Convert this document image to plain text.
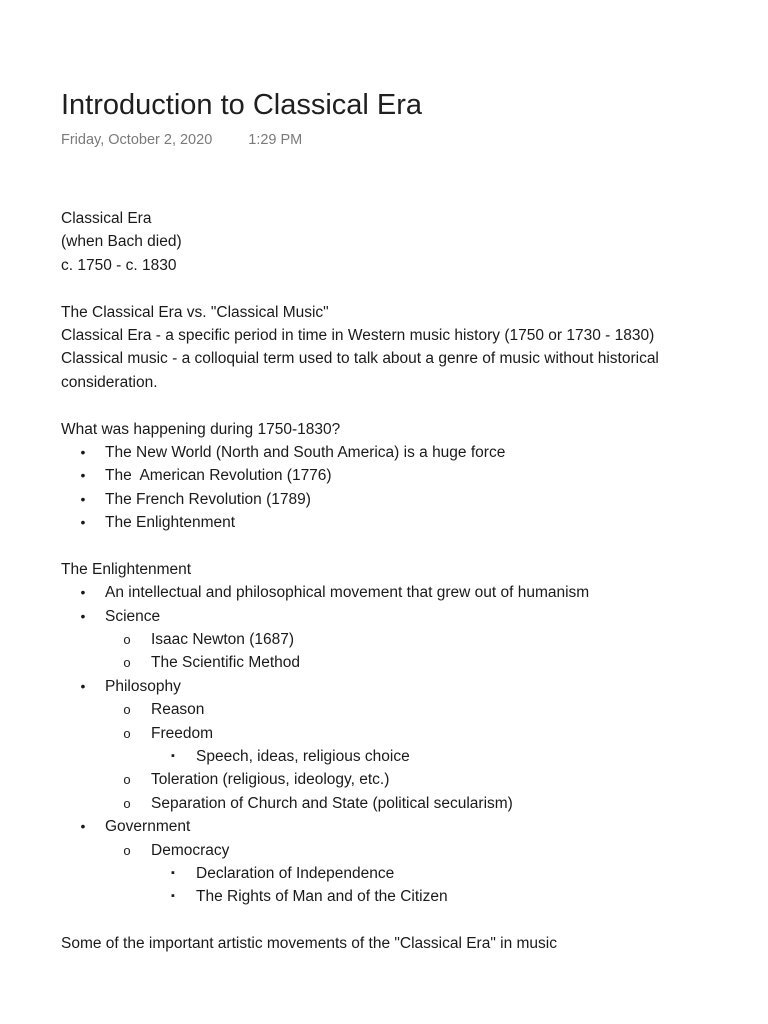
Introduction to Classical Era
Friday, October 2, 2020 1:29 PM
Classical Era
(when Bach died)
c. 1750 - c. 1830
The Classical Era vs. "Classical Music"
Classical Era - a specific period in time in Western music history (1750 or 1730 - 1830)
Classical music - a colloquial term used to talk about a genre of music without historical consideration.
What was happening during 1750-1830?
• The New World (North and South America) is a huge force
• The  American Revolution (1776)
• The French Revolution (1789)
• The Enlightenment
The Enlightenment
• An intellectual and philosophical movement that grew out of humanism
• Science
o Isaac Newton (1687)
o The Scientific Method
• Philosophy
o Reason
o Freedom
▪ Speech, ideas, religious choice
o Toleration (religious, ideology, etc.)
o Separation of Church and State (political secularism)
• Government
o Democracy
▪ Declaration of Independence
▪ The Rights of Man and of the Citizen
Some of the important artistic movements of the "Classical Era" in music
